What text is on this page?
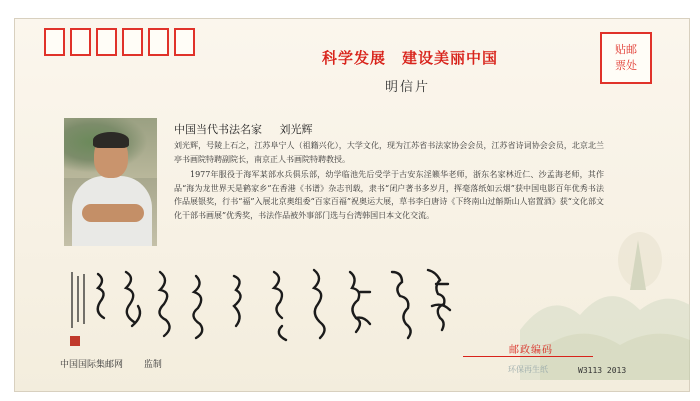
科学发展　建设美丽中国
明信片
贴邮
票处
中国当代书法名家 刘光辉
刘光辉，号陵上石之，江苏阜宁人（祖籍兴化），大学文化，现为江苏省书法家协会会员，江苏省诗词协会会员，北京北兰亭书画院特聘副院长，南京正人书画院特聘教授。
1977年服役于海军某部水兵俱乐部，幼学临池先后受学于古安东淫籁华老师，浙东名家林近仁、沙孟海老师，其作品“海为龙世界天是鹤家乡”在香港《书谱》杂志刊载，隶书“闭户著书多岁月，挥毫落纸如云烟”获中国电影百年优秀书法作品展银奖，行书“福”入展北京奥组委“百家百福”祝奥运大展，草书李白唐诗《下终南山过斛斯山人宿置酒》获“文化部文化干部书画展”优秀奖，书法作品被外事部门选与台湾韩国日本文化交流。
中国国际集邮网 监制
邮政编码
环保再生纸	W3113 2013
